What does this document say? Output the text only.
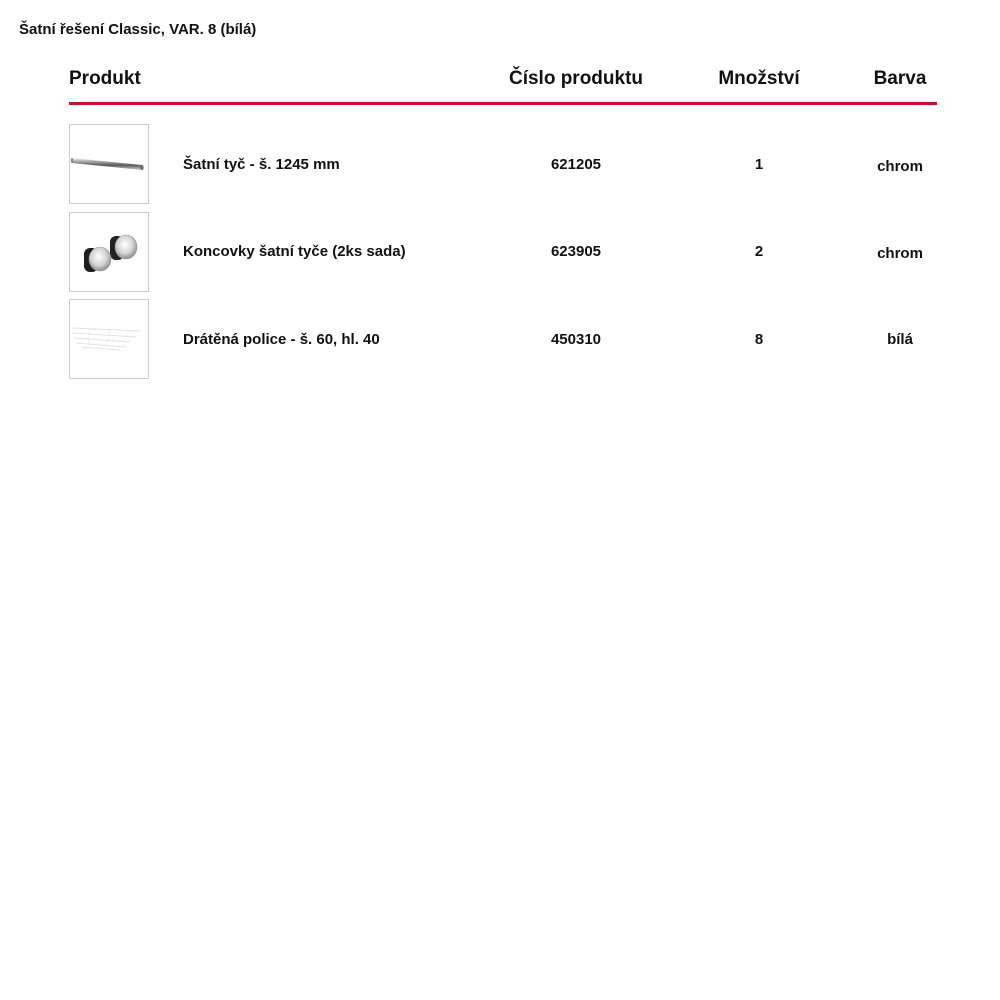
Šatní řešení Classic, VAR. 8 (bílá)
Produkt	Číslo produktu	Množství	Barva
Šatní tyč - š. 1245 mm	621205	1	chrom
Koncovky šatní tyče (2ks sada)	623905	2	chrom
Drátěná police - š. 60, hl. 40	450310	8	bílá
